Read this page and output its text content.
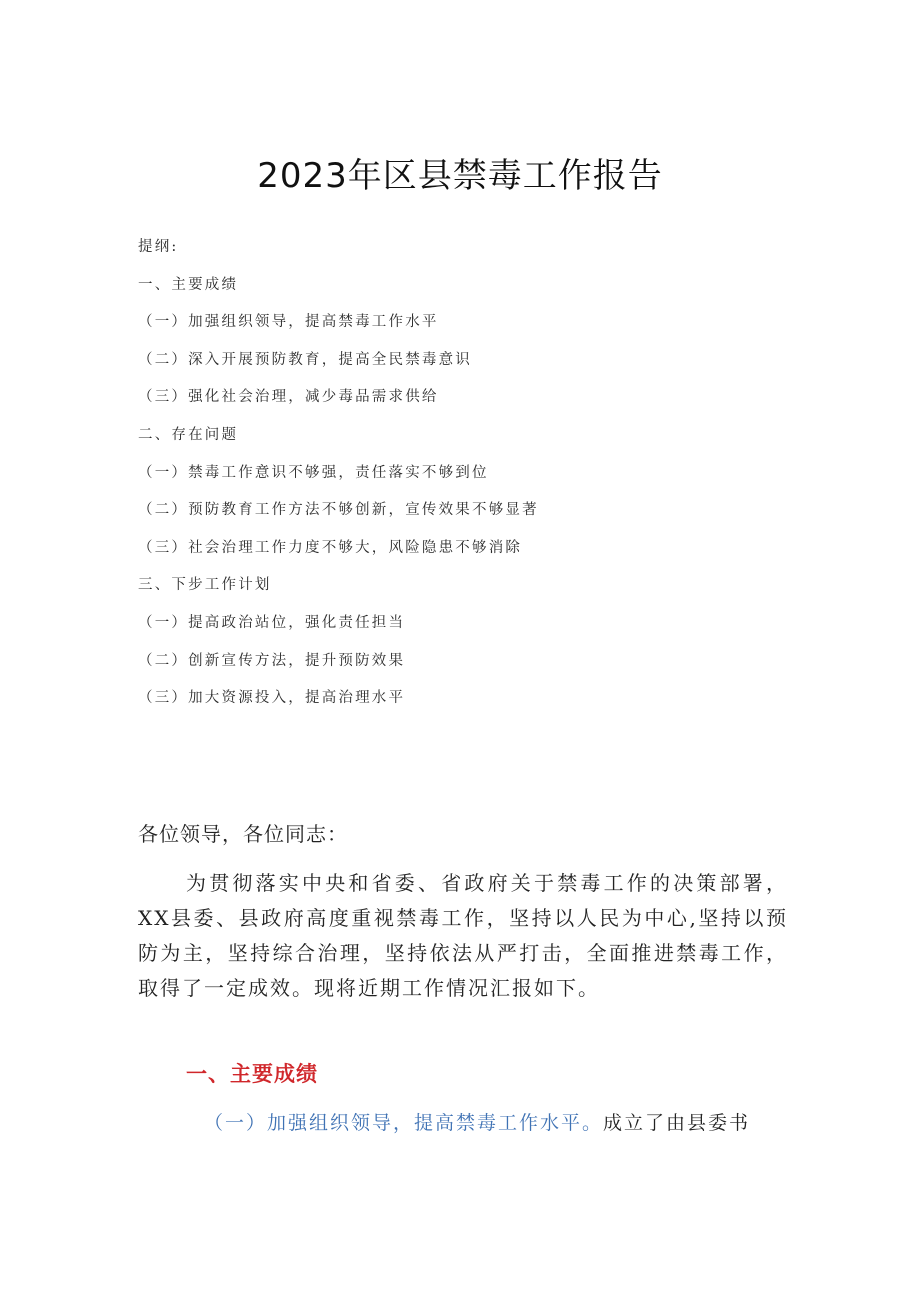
2023年区县禁毒工作报告
提纲:
一、主要成绩
（一）加强组织领导，提高禁毒工作水平
（二）深入开展预防教育，提高全民禁毒意识
（三）强化社会治理，减少毒品需求供给
二、存在问题
（一）禁毒工作意识不够强，责任落实不够到位
（二）预防教育工作方法不够创新，宣传效果不够显著
（三）社会治理工作力度不够大，风险隐患不够消除
三、下步工作计划
（一）提高政治站位，强化责任担当
（二）创新宣传方法，提升预防效果
（三）加大资源投入，提高治理水平

各位领导，各位同志：

为贯彻落实中央和省委、省政府关于禁毒工作的决策部署，XX县委、县政府高度重视禁毒工作，坚持以人民为中心,坚持以预防为主，坚持综合治理，坚持依法从严打击，全面推进禁毒工作，取得了一定成效。现将近期工作情况汇报如下。

一、主要成绩

（一）加强组织领导，提高禁毒工作水平。成立了由县委书
